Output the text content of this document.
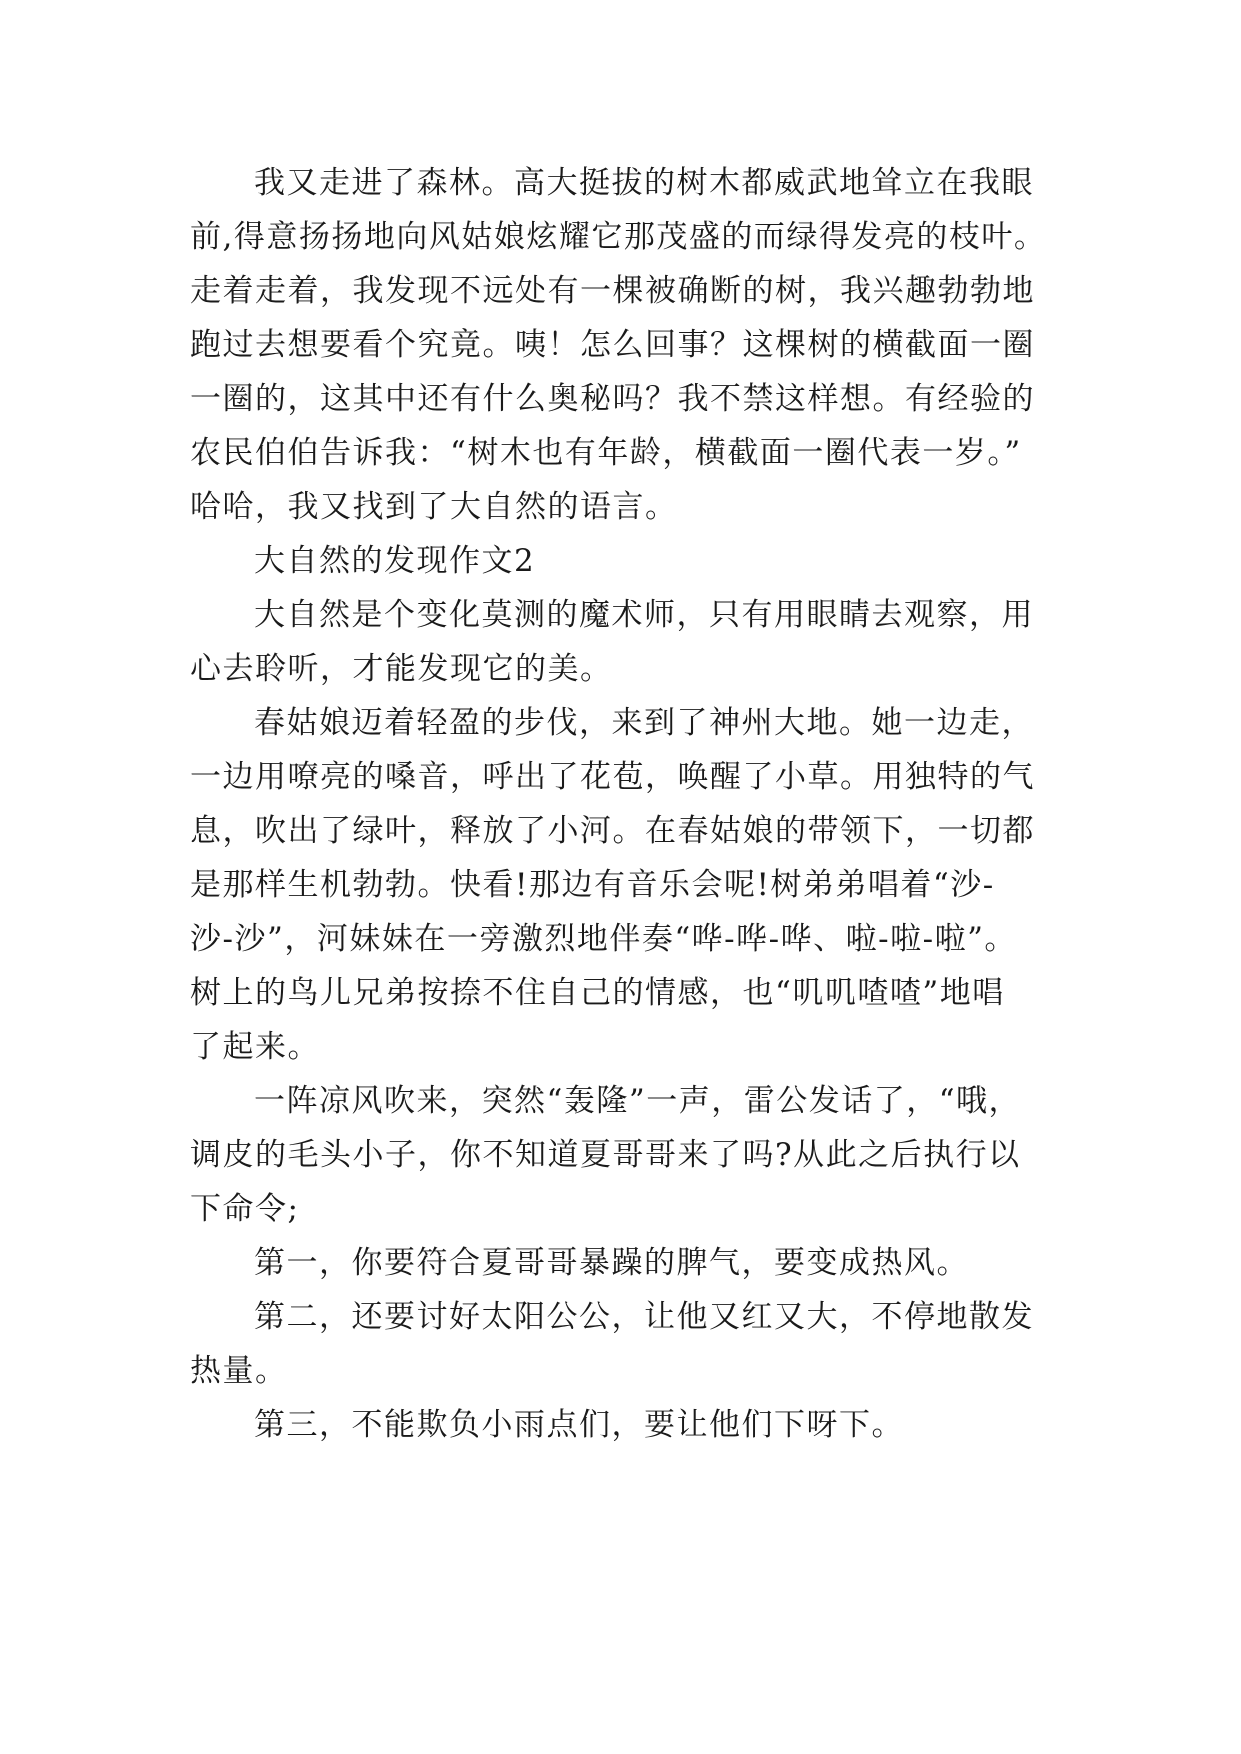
我又走进了森林。高大挺拔的树木都威武地耸立在我眼
前,得意扬扬地向风姑娘炫耀它那茂盛的而绿得发亮的枝叶。
走着走着，我发现不远处有一棵被确断的树，我兴趣勃勃地
跑过去想要看个究竟。咦！怎么回事？这棵树的横截面一圈
一圈的，这其中还有什么奥秘吗？我不禁这样想。有经验的
农民伯伯告诉我：“树木也有年龄，横截面一圈代表一岁。”
哈哈，我又找到了大自然的语言。
大自然的发现作文2
大自然是个变化莫测的魔术师，只有用眼睛去观察，用
心去聆听，才能发现它的美。
春姑娘迈着轻盈的步伐，来到了神州大地。她一边走，
一边用嘹亮的嗓音，呼出了花苞，唤醒了小草。用独特的气
息，吹出了绿叶，释放了小河。在春姑娘的带领下，一切都
是那样生机勃勃。快看!那边有音乐会呢!树弟弟唱着“沙-
沙-沙”，河妹妹在一旁激烈地伴奏“哗-哗-哗、啦-啦-啦”。
树上的鸟儿兄弟按捺不住自己的情感，也“叽叽喳喳”地唱
了起来。
一阵凉风吹来，突然“轰隆”一声，雷公发话了，“哦，
调皮的毛头小子，你不知道夏哥哥来了吗?从此之后执行以
下命令;
第一，你要符合夏哥哥暴躁的脾气，要变成热风。
第二，还要讨好太阳公公，让他又红又大，不停地散发
热量。
第三，不能欺负小雨点们，要让他们下呀下。
